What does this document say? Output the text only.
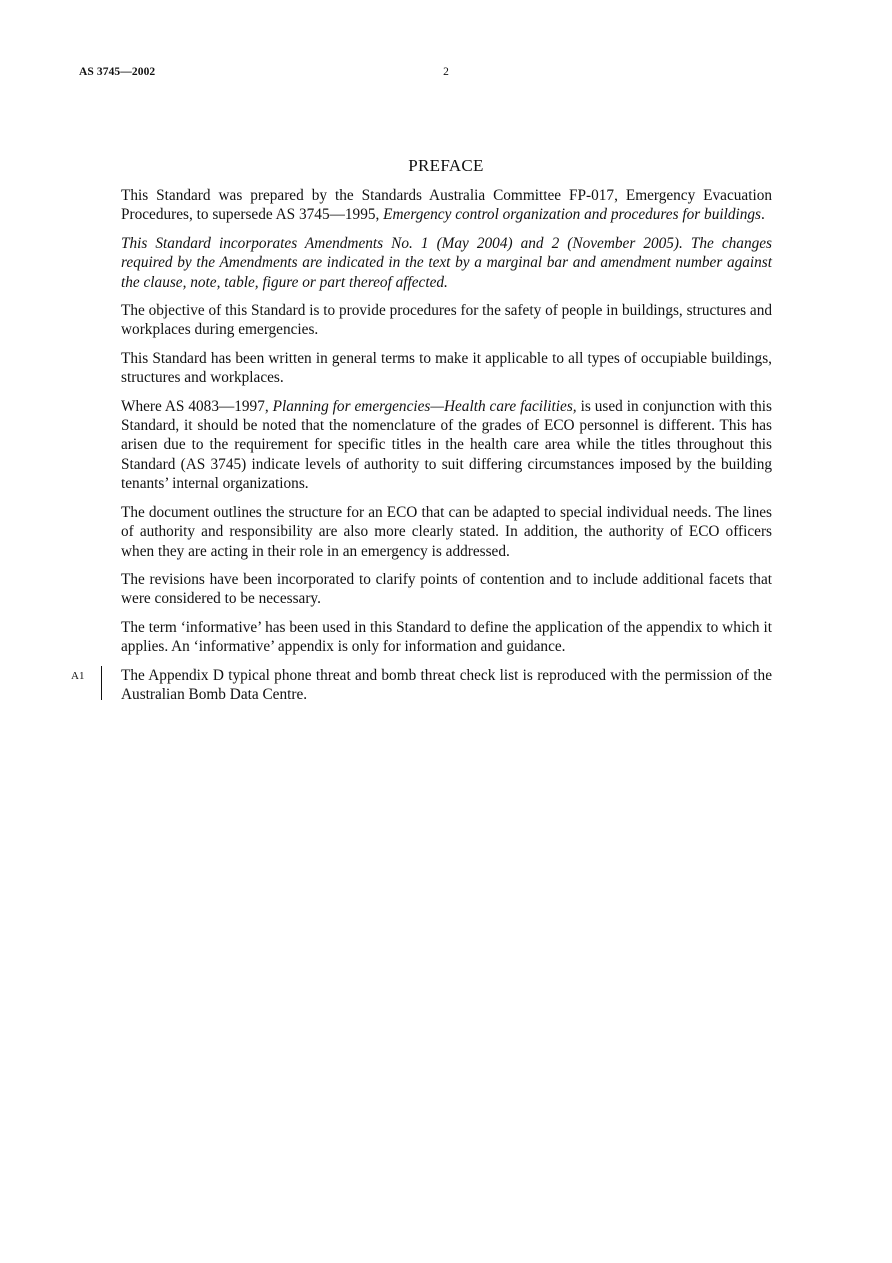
AS 3745—2002	2
PREFACE

This Standard was prepared by the Standards Australia Committee FP-017, Emergency Evacuation Procedures, to supersede AS 3745—1995, Emergency control organization and procedures for buildings.

This Standard incorporates Amendments No. 1 (May 2004) and 2 (November 2005). The changes required by the Amendments are indicated in the text by a marginal bar and amendment number against the clause, note, table, figure or part thereof affected.

The objective of this Standard is to provide procedures for the safety of people in buildings, structures and workplaces during emergencies.

This Standard has been written in general terms to make it applicable to all types of occupiable buildings, structures and workplaces.

Where AS 4083—1997, Planning for emergencies—Health care facilities, is used in conjunction with this Standard, it should be noted that the nomenclature of the grades of ECO personnel is different. This has arisen due to the requirement for specific titles in the health care area while the titles throughout this Standard (AS 3745) indicate levels of authority to suit differing circumstances imposed by the building tenants’ internal organizations.

The document outlines the structure for an ECO that can be adapted to special individual needs. The lines of authority and responsibility are also more clearly stated. In addition, the authority of ECO officers when they are acting in their role in an emergency is addressed.

The revisions have been incorporated to clarify points of contention and to include additional facets that were considered to be necessary.

The term ‘informative’ has been used in this Standard to define the application of the appendix to which it applies. An ‘informative’ appendix is only for information and guidance.

A1 The Appendix D typical phone threat and bomb threat check list is reproduced with the permission of the Australian Bomb Data Centre.
